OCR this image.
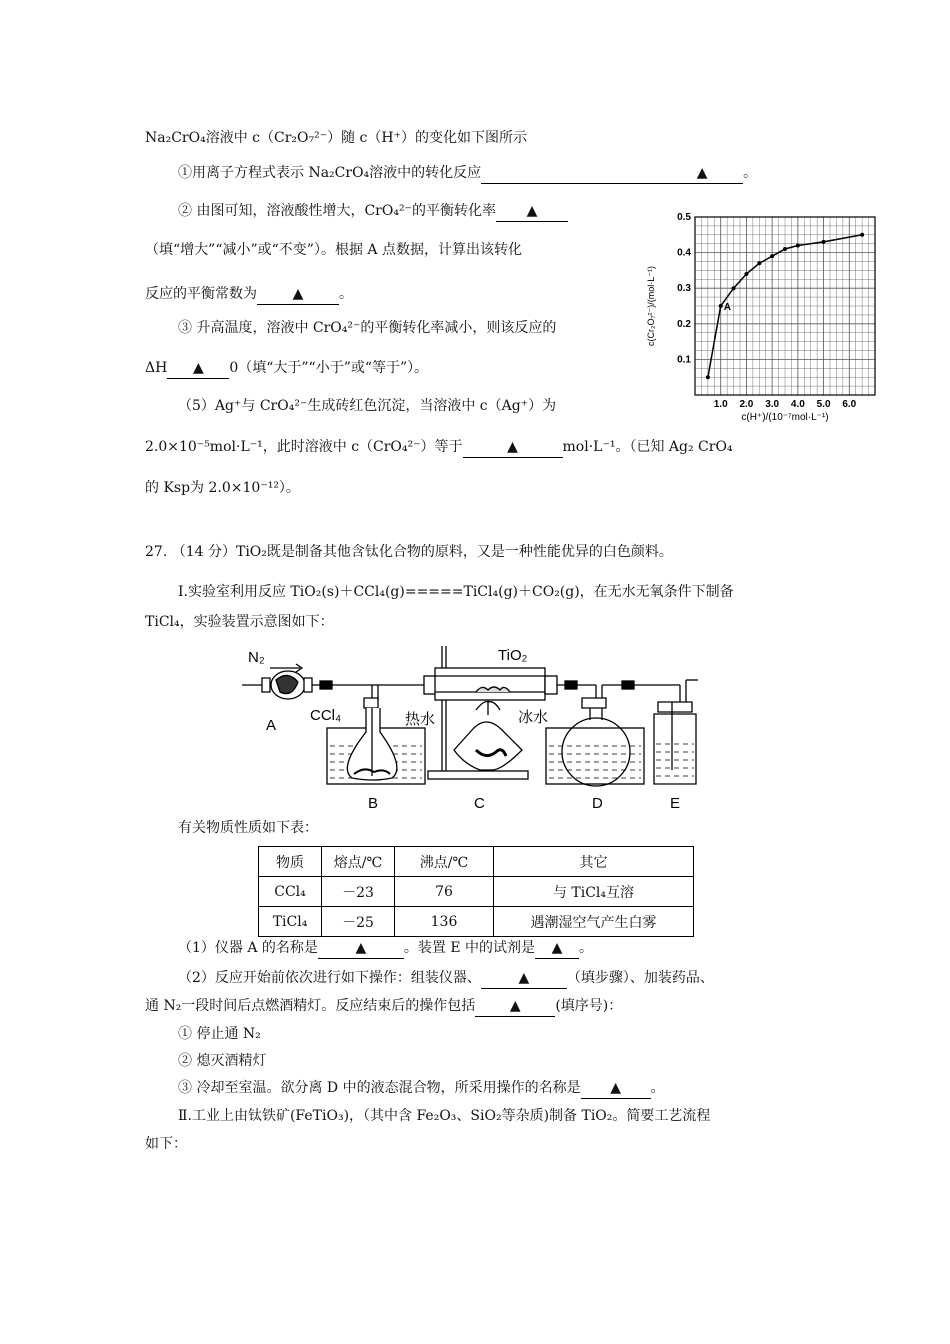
Na₂CrO₄溶液中 c（Cr₂O₇²⁻）随 c（H⁺）的变化如下图所示
①用离子方程式表示 Na₂CrO₄溶液中的转化反应	▲	。
② 由图可知，溶液酸性增大，CrO₄²⁻的平衡转化率 ▲
（填“增大”“减小”或“不变”）。根据 A 点数据，计算出该转化
反应的平衡常数为	▲	。
③ 升高温度，溶液中 CrO₄²⁻的平衡转化率减小，则该反应的
ΔH ▲ 0（填“大于”“小于”或“等于”）。
（5）Ag⁺与 CrO₄²⁻生成砖红色沉淀，当溶液中 c（Ag⁺）为
2.0×10⁻⁵mol·L⁻¹，此时溶液中 c（CrO₄²⁻）等于	▲	mol·L⁻¹。（已知 Ag₂ CrO₄
的 Ksp为 2.0×10⁻¹²）。
27. （14 分）TiO₂既是制备其他含钛化合物的原料，又是一种性能优异的白色颜料。
Ⅰ.实验室利用反应 TiO₂(s)＋CCl₄(g)=====TiCl₄(g)＋CO₂(g)，在无水无氧条件下制备
TiCl₄，实验装置示意图如下：
1.0 2.0 3.0 4.0 5.0 6.0
0.1
0.2
0.3
0.4
0.5
A
c(H⁺)/(10⁻⁷mol·L⁻¹)
c(Cr₂O₇²⁻)/(mol·L⁻¹)
N₂	TiO₂
CCl₄	热水	冰水
A
B	C	D	E
有关物质性质如下表：
物质	熔点/℃	沸点/℃	其它
CCl₄	－23	76	与 TiCl₄互溶
TiCl₄	－25	136	遇潮湿空气产生白雾
（1）仪器 A 的名称是	▲	。装置 E 中的试剂是 ▲ 。
（2）反应开始前依次进行如下操作：组装仪器、	▲	（填步骤）、加装药品、
通 N₂一段时间后点燃酒精灯。反应结束后的操作包括 ▲ (填序号)：
① 停止通 N₂
② 熄灭酒精灯
③ 冷却至室温。欲分离 D 中的液态混合物，所采用操作的名称是 ▲ 。
Ⅱ.工业上由钛铁矿(FeTiO₃)，（其中含 Fe₂O₃、SiO₂等杂质)制备 TiO₂。简要工艺流程
如下：
